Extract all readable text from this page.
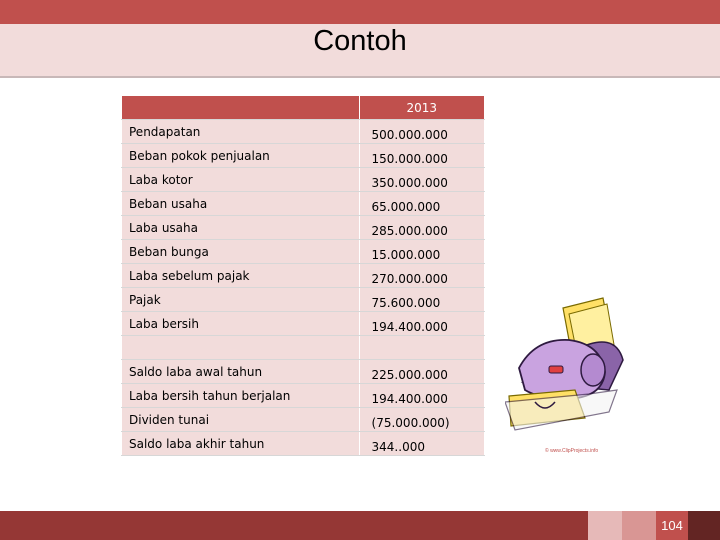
Contoh

	2013

Pendapatan	500.000.000
Beban pokok penjualan	150.000.000
Laba kotor	350.000.000
Beban usaha	65.000.000
Laba usaha	285.000.000
Beban bunga	15.000.000
Laba sebelum pajak	270.000.000
Pajak	75.600.000
Laba bersih	194.400.000

Saldo laba awal tahun	225.000.000
Laba bersih tahun berjalan	194.400.000
Dividen tunai	(75.000.000)
Saldo laba akhir tahun	344..000	© www.ClipProjects.info
104
